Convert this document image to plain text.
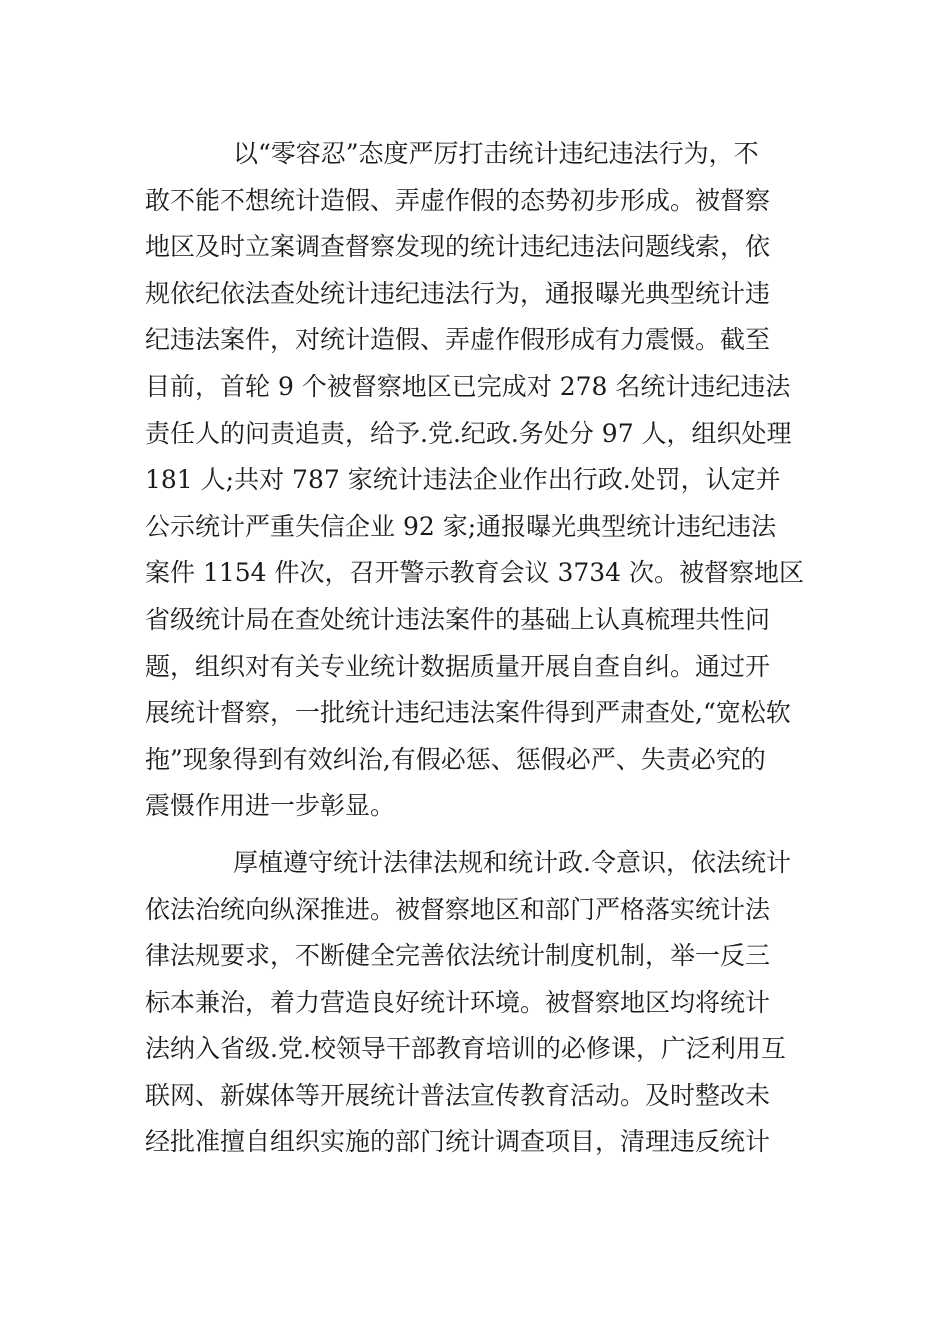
以“零容忍”态度严厉打击统计违纪违法行为，不
敢不能不想统计造假、弄虚作假的态势初步形成。被督察
地区及时立案调查督察发现的统计违纪违法问题线索，依
规依纪依法查处统计违纪违法行为，通报曝光典型统计违
纪违法案件，对统计造假、弄虚作假形成有力震慑。截至
目前，首轮 9 个被督察地区已完成对 278 名统计违纪违法
责任人的问责追责，给予.党.纪政.务处分 97 人，组织处理
181 人;共对 787 家统计违法企业作出行政.处罚，认定并
公示统计严重失信企业 92 家;通报曝光典型统计违纪违法
案件 1154 件次，召开警示教育会议 3734 次。被督察地区
省级统计局在查处统计违法案件的基础上认真梳理共性问
题，组织对有关专业统计数据质量开展自查自纠。通过开
展统计督察，一批统计违纪违法案件得到严肃查处,“宽松软
拖”现象得到有效纠治,有假必惩、惩假必严、失责必究的
震慑作用进一步彰显。
厚植遵守统计法律法规和统计政.令意识，依法统计
依法治统向纵深推进。被督察地区和部门严格落实统计法
律法规要求，不断健全完善依法统计制度机制，举一反三
标本兼治，着力营造良好统计环境。被督察地区均将统计
法纳入省级.党.校领导干部教育培训的必修课，广泛利用互
联网、新媒体等开展统计普法宣传教育活动。及时整改未
经批准擅自组织实施的部门统计调查项目，清理违反统计
